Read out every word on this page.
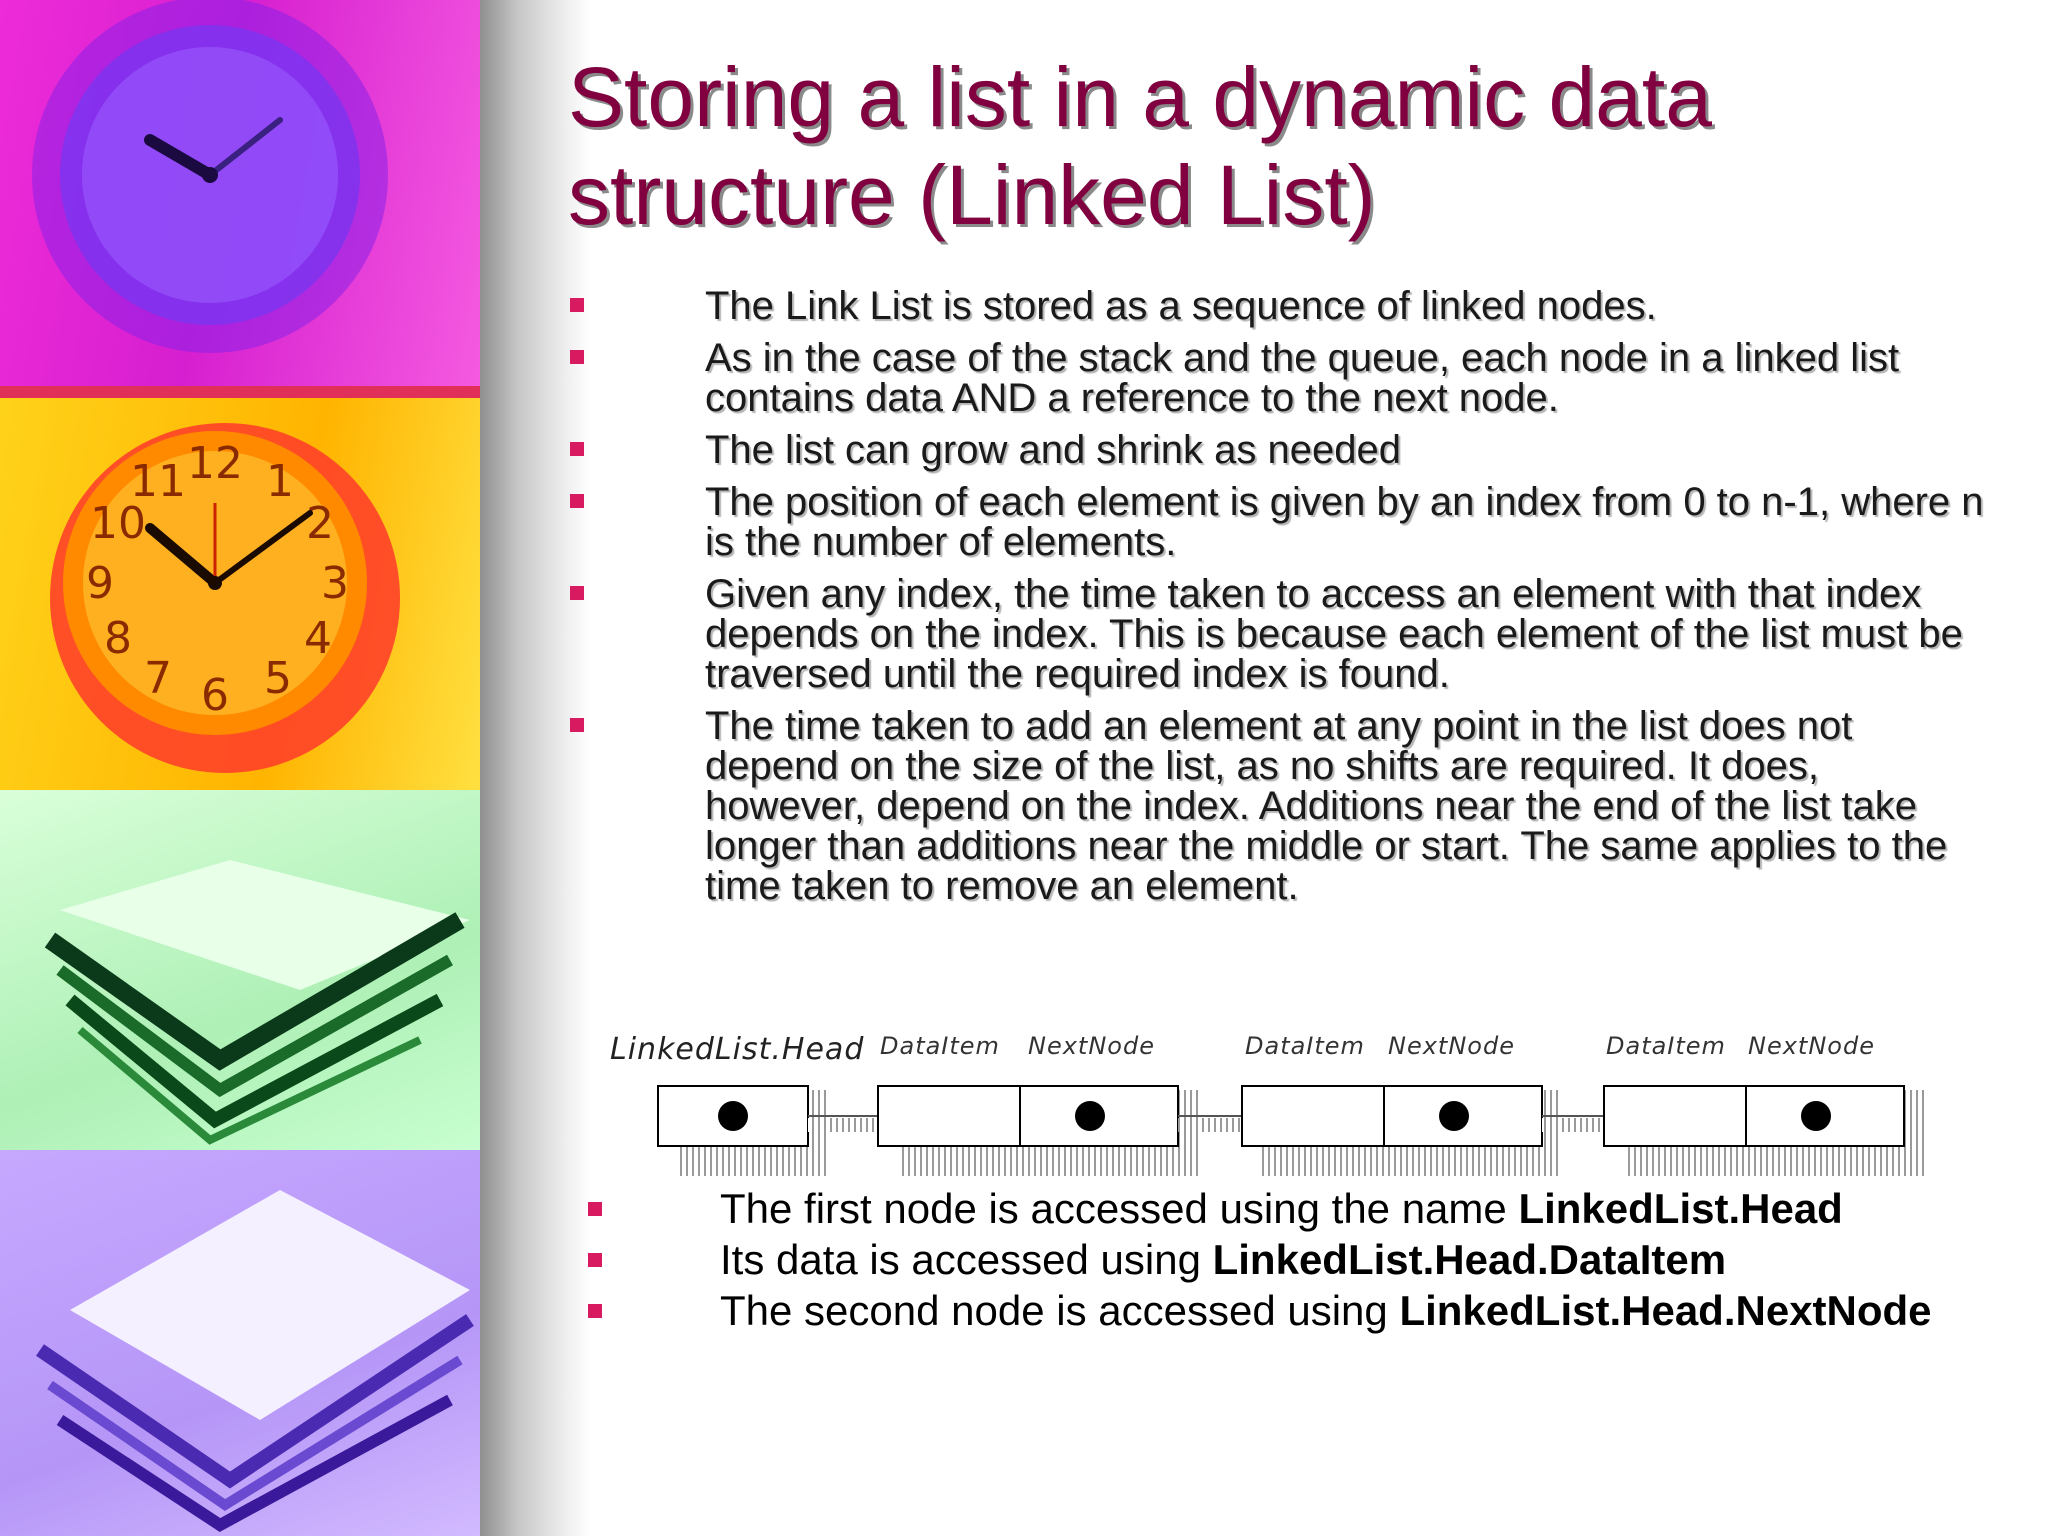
12 1
2
3
4
5
6
7
8
9
10
11
Storing a list in a dynamic data structure (Linked List)
The Link List is stored as a sequence of linked nodes.
As in the case of the stack and the queue, each node in a linked list contains data AND a reference to the next node.
The list can grow and shrink as needed
The position of each element is given by an index from 0 to n-1, where n is the number of elements.
Given any index, the time taken to access an element with that index depends on the index. This is because each element of the list must be traversed until the required index is found.
The time taken to add an element at any point in the list does not depend on the size of the list, as no shifts are required. It does, however, depend on the index. Additions near the end of the list take longer than additions near the middle or start. The same applies to the time taken to remove an element.
LinkedList.Head DataItem NextNode	DataItem NextNode	DataItem NextNode
The first node is accessed using the name LinkedList.Head
Its data is accessed using LinkedList.Head.DataItem
The second node is accessed using LinkedList.Head.NextNode
